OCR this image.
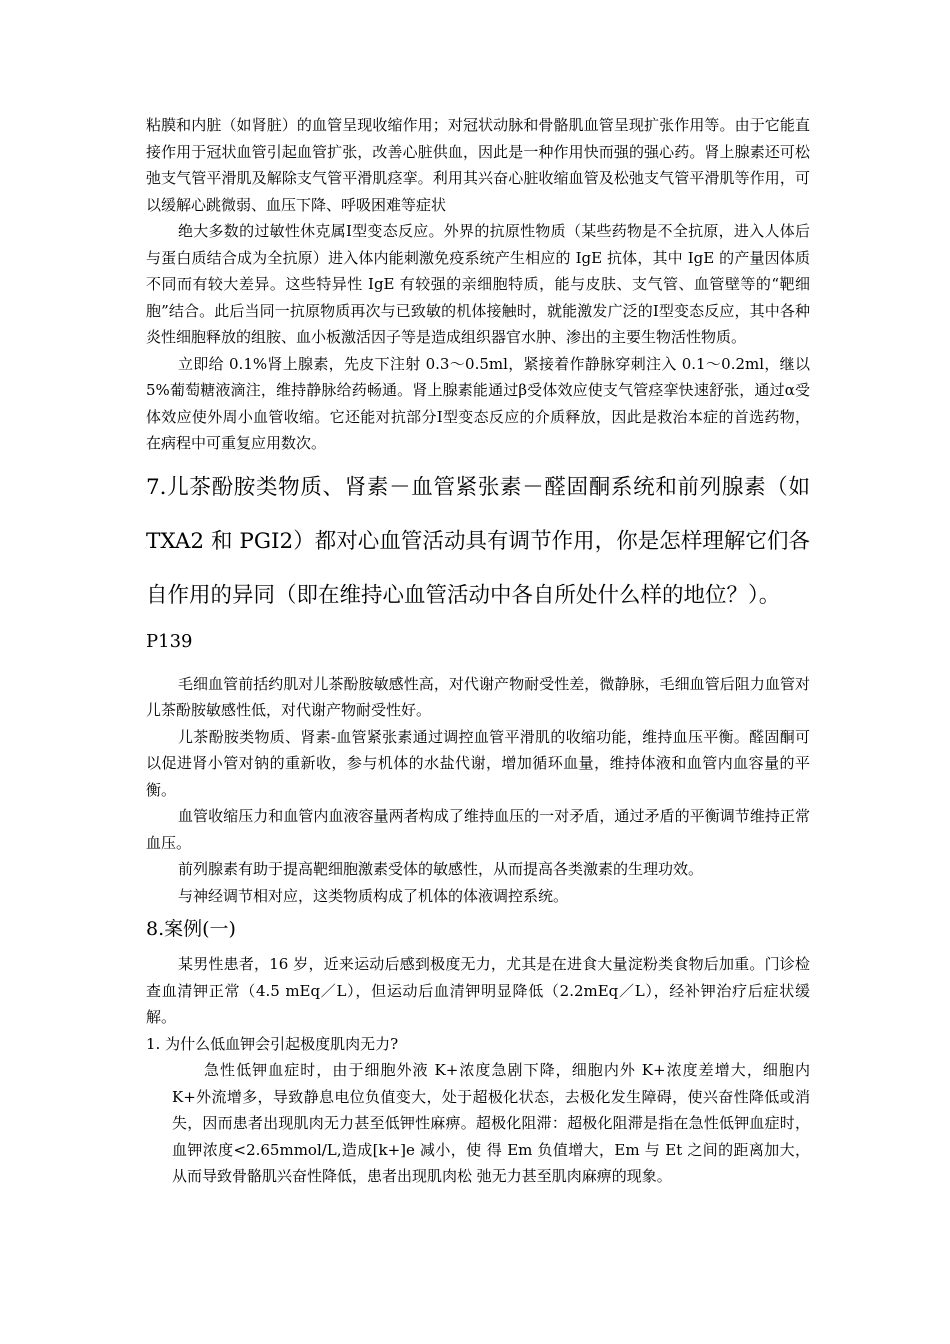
粘膜和内脏（如肾脏）的血管呈现收缩作用；对冠状动脉和骨骼肌血管呈现扩张作用等。由于它能直接作用于冠状血管引起血管扩张，改善心脏供血，因此是一种作用快而强的强心药。肾上腺素还可松弛支气管平滑肌及解除支气管平滑肌痉挛。利用其兴奋心脏收缩血管及松弛支气管平滑肌等作用，可以缓解心跳微弱、血压下降、呼吸困难等症状

绝大多数的过敏性休克属Ⅰ型变态反应。外界的抗原性物质（某些药物是不全抗原，进入人体后与蛋白质结合成为全抗原）进入体内能刺激免疫系统产生相应的 IgE 抗体，其中 IgE 的产量因体质不同而有较大差异。这些特异性 IgE 有较强的亲细胞特质，能与皮肤、支气管、血管壁等的“靶细胞”结合。此后当同一抗原物质再次与已致敏的机体接触时，就能激发广泛的Ⅰ型变态反应，其中各种炎性细胞释放的组胺、血小板激活因子等是造成组织器官水肿、渗出的主要生物活性物质。

立即给 0.1%肾上腺素，先皮下注射 0.3～0.5ml，紧接着作静脉穿刺注入 0.1～0.2ml，继以 5%葡萄糖液滴注，维持静脉给药畅通。肾上腺素能通过β受体效应使支气管痉挛快速舒张，通过α受体效应使外周小血管收缩。它还能对抗部分Ⅰ型变态反应的介质释放，因此是救治本症的首选药物，在病程中可重复应用数次。

7.儿茶酚胺类物质、肾素－血管紧张素－醛固酮系统和前列腺素（如TXA2 和 PGI2）都对心血管活动具有调节作用，你是怎样理解它们各自作用的异同（即在维持心血管活动中各自所处什么样的地位？）。

P139

毛细血管前括约肌对儿茶酚胺敏感性高，对代谢产物耐受性差，微静脉，毛细血管后阻力血管对儿茶酚胺敏感性低，对代谢产物耐受性好。

儿茶酚胺类物质、肾素-血管紧张素通过调控血管平滑肌的收缩功能，维持血压平衡。醛固酮可以促进肾小管对钠的重新收，参与机体的水盐代谢，增加循环血量，维持体液和血管内血容量的平衡。

血管收缩压力和血管内血液容量两者构成了维持血压的一对矛盾，通过矛盾的平衡调节维持正常血压。

前列腺素有助于提高靶细胞激素受体的敏感性，从而提高各类激素的生理功效。

与神经调节相对应，这类物质构成了机体的体液调控系统。

8.案例(一)

某男性患者，16 岁，近来运动后感到极度无力，尤其是在进食大量淀粉类食物后加重。门诊检查血清钾正常（4.5 mEq／L），但运动后血清钾明显降低（2.2mEq／L），经补钾治疗后症状缓解。

1. 为什么低血钾会引起极度肌肉无力?

急性低钾血症时，由于细胞外液 K+浓度急剧下降，细胞内外 K+浓度差增大，细胞内 K+外流增多，导致静息电位负值变大，处于超极化状态，去极化发生障碍，使兴奋性降低或消失，因而患者出现肌肉无力甚至低钾性麻痹。超极化阻滞：超极化阻滞是指在急性低钾血症时，血钾浓度<2.65mmol/L,造成[k+]e 减小，使 得 Em 负值增大，Em 与 Et 之间的距离加大，从而导致骨骼肌兴奋性降低，患者出现肌肉松 弛无力甚至肌肉麻痹的现象。
